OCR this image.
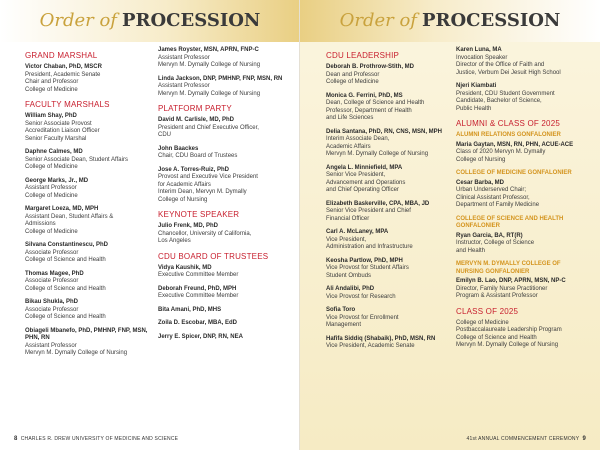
Order of PROCESSION
GRAND MARSHAL
Victor Chaban, PhD, MSCR
President, Academic Senate
Chair and Professor
College of Medicine
FACULTY MARSHALS
William Shay, PhD
Senior Associate Provost
Accreditation Liaison Officer
Senior Faculty Marshal
Daphne Calmes, MD
Senior Associate Dean, Student Affairs
College of Medicine
George Marks, Jr., MD
Assistant Professor
College of Medicine
Margaret Loeza, MD, MPH
Assistant Dean, Student Affairs &
Admissions
College of Medicine
Silvana Constantinescu, PhD
Associate Professor
College of Science and Health
Thomas Magee, PhD
Associate Professor
College of Science and Health
Bikau Shukla, PhD
Associate Professor
College of Science and Health
Obiageli Mbanefo, PhD, PMHNP, FNP, MSN, PHN, RN
Assistant Professor
Mervyn M. Dymally College of Nursing
James Royster, MSN, APRN, FNP-C
Assistant Professor
Mervyn M. Dymally College of Nursing
Linda Jackson, DNP, PMHNP, FNP, MSN, RN
Assistant Professor
Mervyn M. Dymally College of Nursing
PLATFORM PARTY
David M. Carlisle, MD, PhD
President and Chief Executive Officer,
CDU
John Baackes
Chair, CDU Board of Trustees
Jose A. Torres-Ruiz, PhD
Provost and Executive Vice President
for Academic Affairs
Interim Dean, Mervyn M. Dymally
College of Nursing
KEYNOTE SPEAKER
Julio Frenk, MD, PhD
Chancellor, University of California,
Los Angeles
CDU BOARD OF TRUSTEES
Vidya Kaushik, MD
Executive Committee Member
Deborah Freund, PhD, MPH
Executive Committee Member
Bita Amani, PhD, MHS
Zoila D. Escobar, MBA, EdD
Jerry E. Spicer, DNP, RN, NEA
8 CHARLES R. DREW UNIVERSITY OF MEDICINE AND SCIENCE
Order of PROCESSION
CDU LEADERSHIP
Deborah B. Prothrow-Stith, MD
Dean and Professor
College of Medicine
Monica G. Ferrini, PhD, MS
Dean, College of Science and Health
Professor, Department of Health
and Life Sciences
Delia Santana, PhD, RN, CNS, MSN, MPH
Interim Associate Dean,
Academic Affairs
Mervyn M. Dymally College of Nursing
Angela L. Minniefield, MPA
Senior Vice President,
Advancement and Operations
and Chief Operating Officer
Elizabeth Baskerville, CPA, MBA, JD
Senior Vice President and Chief
Financial Officer
Carl A. McLaney, MPA
Vice President,
Administration and Infrastructure
Keosha Partlow, PhD, MPH
Vice Provost for Student Affairs
Student Ombuds
Ali Andalibi, PhD
Vice Provost for Research
Sofia Toro
Vice Provost for Enrollment
Management
Hafifa Siddiq (Shabaik), PhD, MSN, RN
Vice President, Academic Senate
Karen Luna, MA
Invocation Speaker
Director of the Office of Faith and
Justice, Verbum Dei Jesuit High School
Njeri Kiambati
President, CDU Student Government
Candidate, Bachelor of Science,
Public Health
ALUMNI & CLASS OF 2025
ALUMNI RELATIONS GONFALONIER
Maria Gaytan, MSN, RN, PHN, ACUE-ACE
Class of 2020 Mervyn M. Dymally
College of Nursing
COLLEGE OF MEDICINE GONFALONIER
Cesar Barba, MD
Urban Underserved Chair;
Clinical Assistant Professor,
Department of Family Medicine
COLLEGE OF SCIENCE AND HEALTH GONFALONIER
Ryan Garcia, BA, RT(R)
Instructor, College of Science
and Health
MERVYN M. DYMALLY COLLEGE OF NURSING GONFALONIER
Emilyn B. Lao, DNP, APRN, MSN, NP-C
Director, Family Nurse Practitioner
Program & Assistant Professor
CLASS OF 2025
College of Medicine
Postbaccalaureate Leadership Program
College of Science and Health
Mervyn M. Dymally College of Nursing
41st ANNUAL COMMENCEMENT CEREMONY 9
